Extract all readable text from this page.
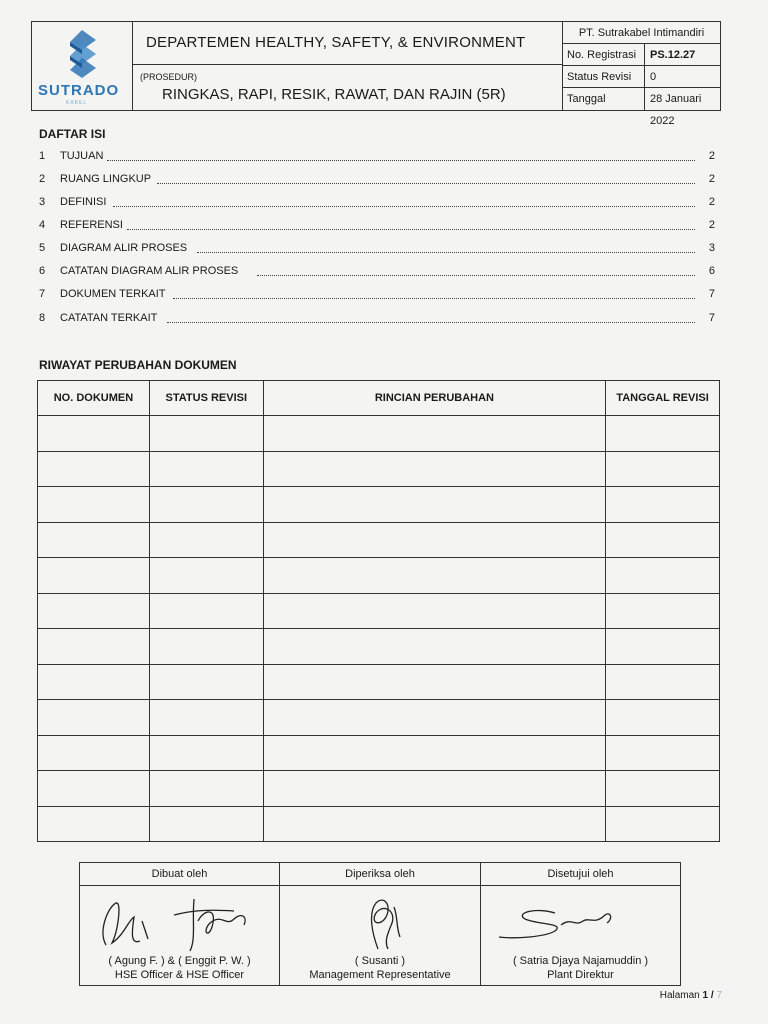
SUTRADO
KABEL
DEPARTEMEN HEALTHY, SAFETY, & ENVIRONMENT
(PROSEDUR)
RINGKAS, RAPI, RESIK, RAWAT, DAN RAJIN (5R)
PT. Sutrakabel Intimandiri
No. Registrasi PS.12.27
Status Revisi 0
Tanggal	28 Januari 2022
DAFTAR ISI
1 TUJUAN	2
2 RUANG LINGKUP	2
3 DEFINISI	2
4 REFERENSI	2
5 DIAGRAM ALIR PROSES	3
6 CATATAN DIAGRAM ALIR PROSES	6
7 DOKUMEN TERKAIT	7
8 CATATAN TERKAIT	7
RIWAYAT PERUBAHAN DOKUMEN
NO. DOKUMEN	STATUS REVISI	RINCIAN PERUBAHAN	TANGGAL REVISI

Dibuat oleh
( Agung F. ) & ( Enggit P. W. )
HSE Officer & HSE Officer
Diperiksa oleh
( Susanti )
Management Representative
Disetujui oleh
( Satria Djaya Najamuddin )
Plant Direktur
Halaman 1 / 7
